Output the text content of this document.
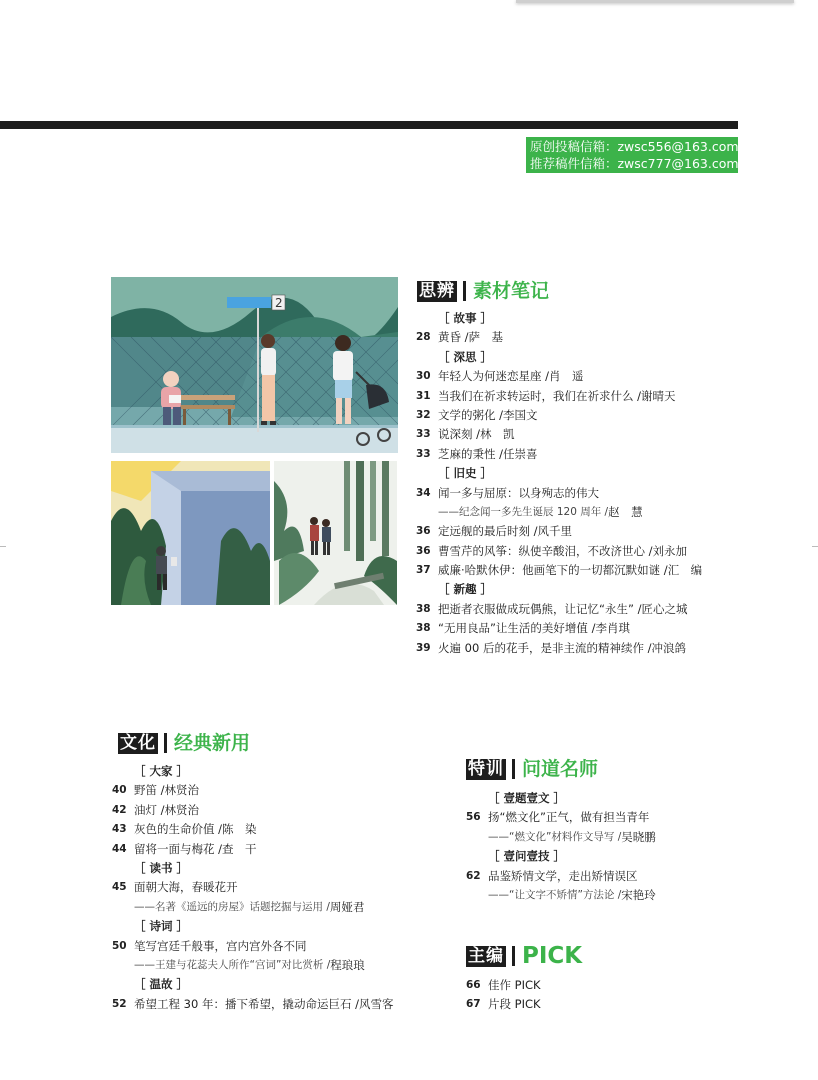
原创投稿信箱：zwsc556@163.com
推荐稿件信箱：zwsc777@163.com
2
思辨 素材笔记
［ 故事 ］
28 黄昏 / 萨　基
［ 深思 ］
30 年轻人为何迷恋星座 / 肖　遥
31 当我们在祈求转运时，我们在祈求什么 / 谢晴天
32 文学的粥化 / 李国文
33 说深刻 / 林　凯
33 芝麻的秉性 / 任崇喜
［ 旧史 ］
34 闻一多与屈原：以身殉志的伟大
——纪念闻一多先生诞辰 120 周年 / 赵　慧
36 定远舰的最后时刻 / 风千里
36 曹雪芹的风筝：纵使辛酸泪，不改济世心 / 刘永加
37 威廉·哈默休伊：他画笔下的一切都沉默如谜 / 汇　编
［ 新趣 ］
38 把逝者衣服做成玩偶熊，让记忆“永生” / 匠心之城
38 “无用良品”让生活的美好增值 / 李肖琪
39 火遍 00 后的花手，是非主流的精神续作 / 冲浪鸽
文化 经典新用
［ 大家 ］
40 野笛 / 林贤治
42 油灯 / 林贤治
43 灰色的生命价值 / 陈　染
44 留将一面与梅花 / 查　干
［ 读书 ］
45 面朝大海，春暖花开
——名著《遥远的房屋》话题挖掘与运用 / 周娅君
［ 诗词 ］
50 笔写宫廷千般事，宫内宫外各不同
——王建与花蕊夫人所作“宫词”对比赏析 / 程琅琅
［ 温故 ］
52 希望工程 30 年：播下希望，撬动命运巨石 / 风雪客
特训 问道名师
［ 壹题壹文 ］
56 扬“燃文化”正气，做有担当青年
——“燃文化”材料作文导写 / 吴晓鹏
［ 壹问壹技 ］
62 品鉴矫情文学，走出矫情误区
——“让文字不矫情”方法论 / 宋艳玲
主编 PICK
66 佳作 PICK
67 片段 PICK
